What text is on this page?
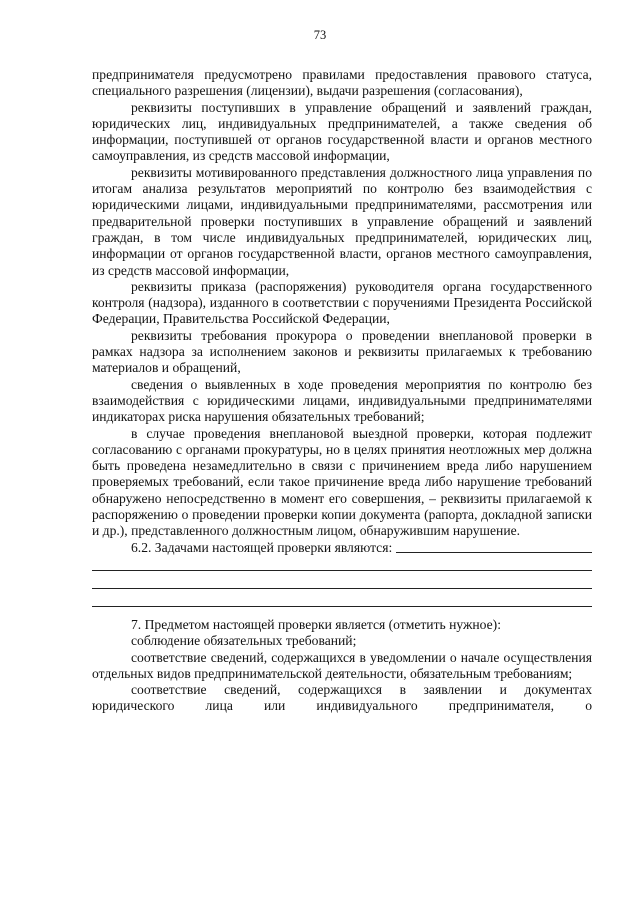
73

предпринимателя предусмотрено правилами предоставления правового статуса, специального разрешения (лицензии), выдачи разрешения (согласования),

реквизиты поступивших в управление обращений и заявлений граждан, юридических лиц, индивидуальных предпринимателей, а также сведения об информации, поступившей от органов государственной власти и органов местного самоуправления, из средств массовой информации,

реквизиты мотивированного представления должностного лица управления по итогам анализа результатов мероприятий по контролю без взаимодействия с юридическими лицами, индивидуальными предпринимателями, рассмотрения или предварительной проверки поступивших в управление обращений и заявлений граждан, в том числе индивидуальных предпринимателей, юридических лиц, информации от органов государственной власти, органов местного самоуправления, из средств массовой информации,

реквизиты приказа (распоряжения) руководителя органа государственного контроля (надзора), изданного в соответствии с поручениями Президента Российской Федерации, Правительства Российской Федерации,

реквизиты требования прокурора о проведении внеплановой проверки в рамках надзора за исполнением законов и реквизиты прилагаемых к требованию материалов и обращений,

сведения о выявленных в ходе проведения мероприятия по контролю без взаимодействия с юридическими лицами, индивидуальными предпринимателями индикаторах риска нарушения обязательных требований;

в случае проведения внеплановой выездной проверки, которая подлежит согласованию с органами прокуратуры, но в целях принятия неотложных мер должна быть проведена незамедлительно в связи с причинением вреда либо нарушением проверяемых требований, если такое причинение вреда либо нарушение требований обнаружено непосредственно в момент его совершения, – реквизиты прилагаемой к распоряжению о проведении проверки копии документа (рапорта, докладной записки и др.), представленного должностным лицом, обнаружившим нарушение.

6.2. Задачами настоящей проверки являются:

7. Предметом настоящей проверки является (отметить нужное):

соблюдение обязательных требований;

соответствие сведений, содержащихся в уведомлении о начале осуществления отдельных видов предпринимательской деятельности, обязательным требованиям;

соответствие сведений, содержащихся в заявлении и документах юридического лица или индивидуального предпринимателя, о
